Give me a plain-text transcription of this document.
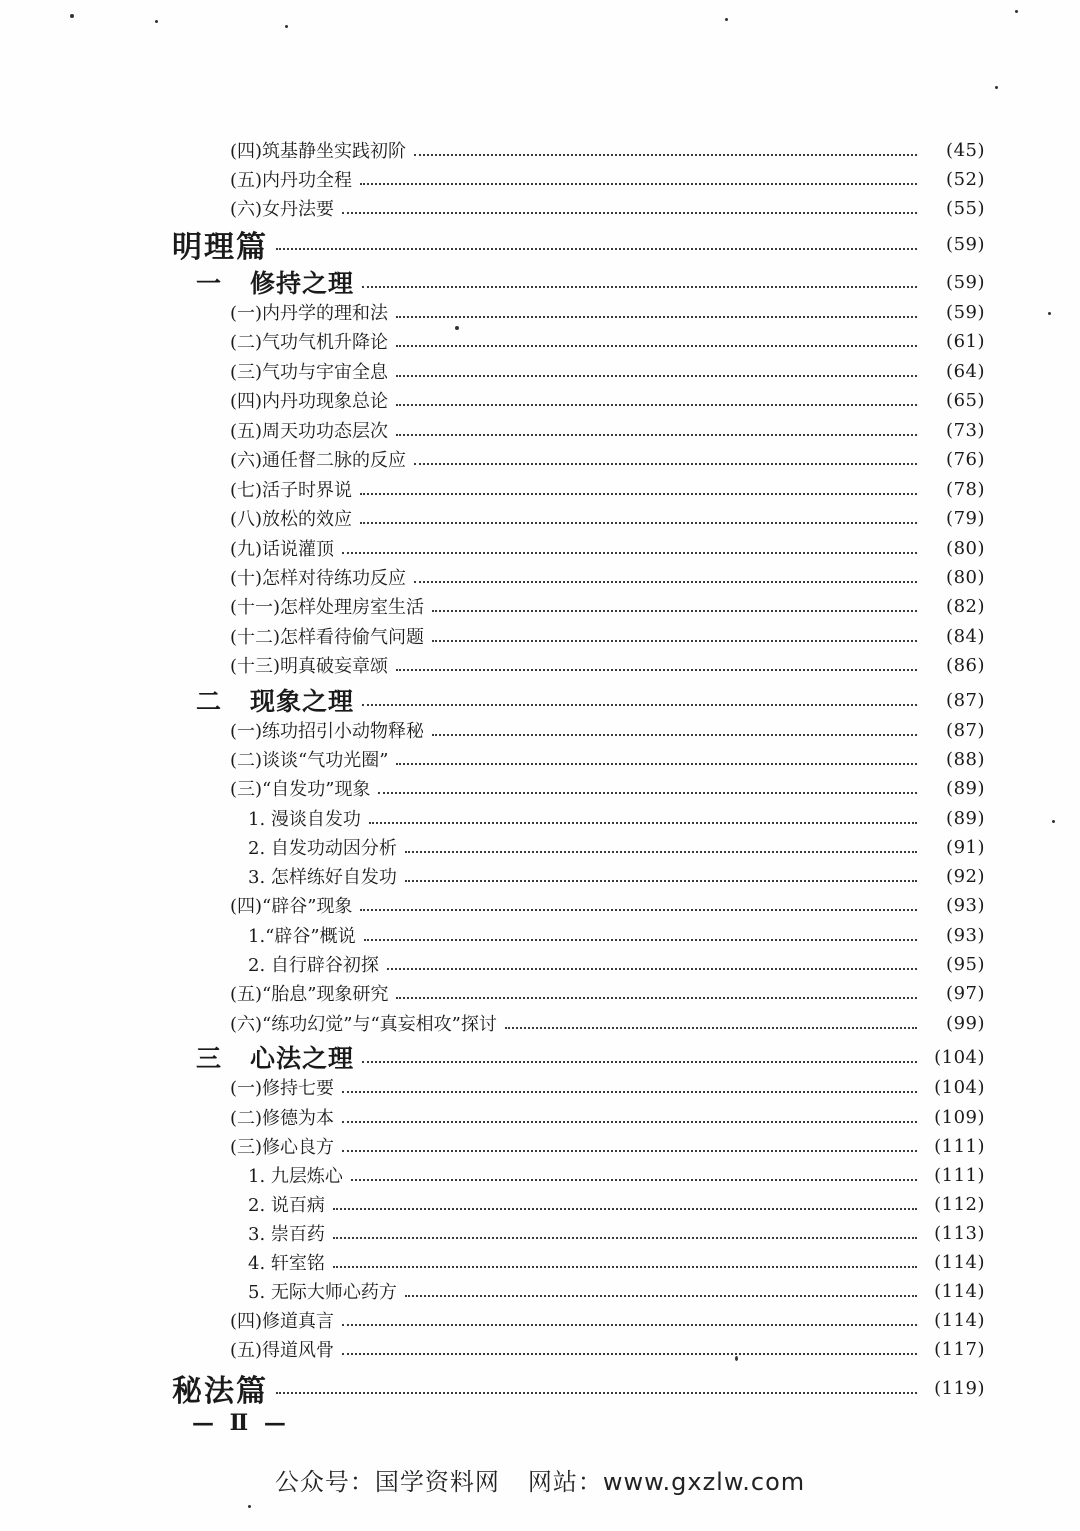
(四)筑基静坐实践初阶	(45)
(五)内丹功全程	(52)
(六)女丹法要	(55)
明理篇	(59)
一 修持之理	(59)
(一)内丹学的理和法	(59)
(二)气功气机升降论	(61)
(三)气功与宇宙全息	(64)
(四)内丹功现象总论	(65)
(五)周天功功态层次	(73)
(六)通任督二脉的反应	(76)
(七)活子时界说	(78)
(八)放松的效应	(79)
(九)话说灌顶	(80)
(十)怎样对待练功反应	(80)
(十一)怎样处理房室生活	(82)
(十二)怎样看待偷气问题	(84)
(十三)明真破妄章颂	(86)
二 现象之理	(87)
(一)练功招引小动物释秘	(87)
(二)谈谈“气功光圈”	(88)
(三)“自发功”现象	(89)
1. 漫谈自发功	(89)
2. 自发功动因分析	(91)
3. 怎样练好自发功	(92)
(四)“辟谷”现象	(93)
1.“辟谷”概说	(93)
2. 自行辟谷初探	(95)
(五)“胎息”现象研究	(97)
(六)“练功幻觉”与“真妄相攻”探讨	(99)
三 心法之理	(104)
(一)修持七要	(104)
(二)修德为本	(109)
(三)修心良方	(111)
1. 九层炼心	(111)
2. 说百病	(112)
3. 崇百药	(113)
4. 轩室铭	(114)
5. 无际大师心药方	(114)
(四)修道真言	(114)
(五)得道风骨	(117)
秘法篇	(119)
— Ⅱ —
公众号：国学资料网 网站：www.gxzlw.com
